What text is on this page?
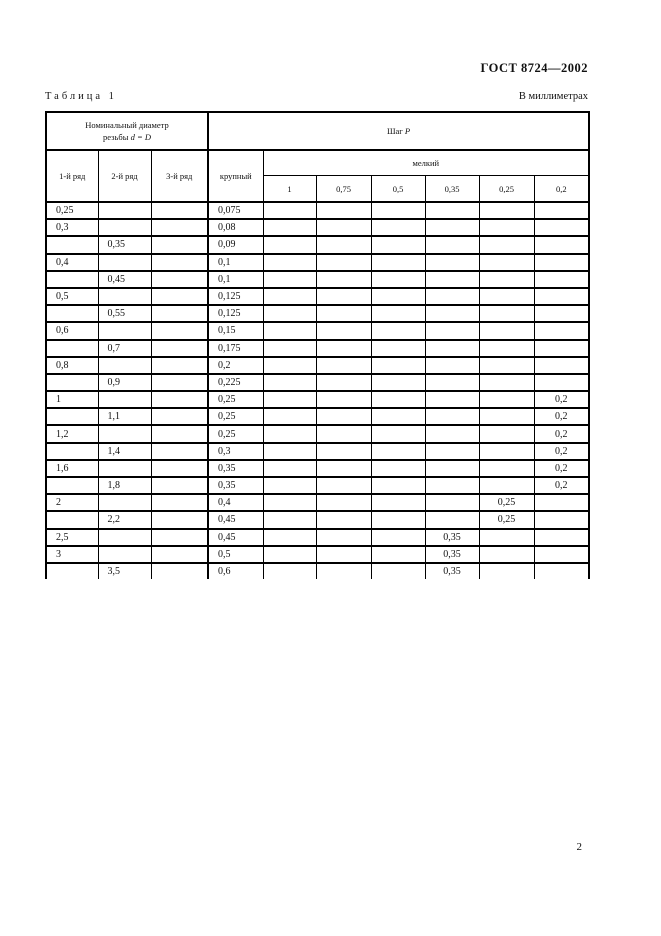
ГОСТ 8724—2002
Таблица 1	В миллиметрах
Номинальный диаметр
резьбы d = D			Шаг P						
1-й ряд	2-й ряд	3-й ряд	крупный	мелкий					
				1	0,75	0,5	0,35	0,25	0,2
0,25			0,075						
0,3			0,08						
	0,35		0,09						
0,4			0,1						
	0,45		0,1						
0,5			0,125						
	0,55		0,125						
0,6			0,15						
	0,7		0,175						
0,8			0,2						
	0,9		0,225						
1			0,25						0,2
	1,1		0,25						0,2
1,2			0,25						0,2
	1,4		0,3						0,2
1,6			0,35						0,2
	1,8		0,35						0,2
2			0,4					0,25	
	2,2		0,45					0,25	
2,5			0,45				0,35		
3			0,5				0,35		
	3,5		0,6				0,35		
2
